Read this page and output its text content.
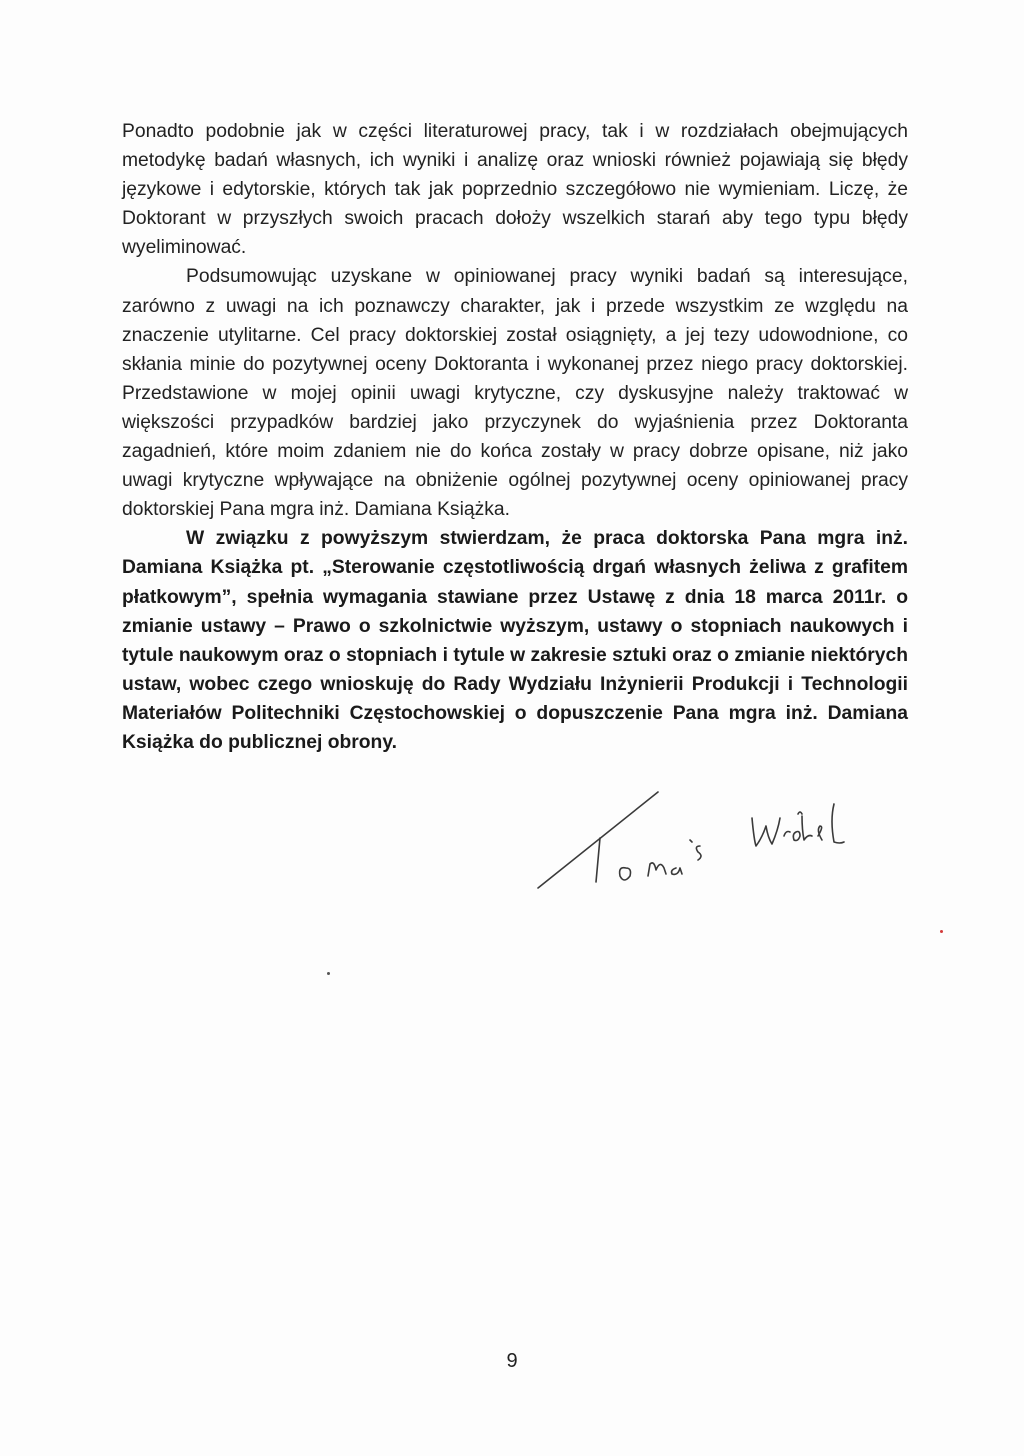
Ponadto podobnie jak w części literaturowej pracy, tak i w rozdziałach obejmujących metodykę badań własnych, ich wyniki i analizę oraz wnioski również pojawiają się błędy językowe i edytorskie, których tak jak poprzednio szczegółowo nie wymieniam. Liczę, że Doktorant w przyszłych swoich pracach dołoży wszelkich starań aby tego typu błędy wyeliminować.

Podsumowując uzyskane w opiniowanej pracy wyniki badań są interesujące, zarówno z uwagi na ich poznawczy charakter, jak i przede wszystkim ze względu na znaczenie utylitarne. Cel pracy doktorskiej został osiągnięty, a jej tezy udowodnione, co skłania minie do pozytywnej oceny Doktoranta i wykonanej przez niego pracy doktorskiej. Przedstawione w mojej opinii uwagi krytyczne, czy dyskusyjne należy traktować w większości przypadków bardziej jako przyczynek do wyjaśnienia przez Doktoranta zagadnień, które moim zdaniem nie do końca zostały w pracy dobrze opisane, niż jako uwagi krytyczne wpływające na obniżenie ogólnej pozytywnej oceny opiniowanej pracy doktorskiej Pana mgra inż. Damiana Książka.

W związku z powyższym stwierdzam, że praca doktorska Pana mgra inż. Damiana Książka pt. „Sterowanie częstotliwością drgań własnych żeliwa z grafitem płatkowym”, spełnia wymagania stawiane przez Ustawę z dnia 18 marca 2011r. o zmianie ustawy – Prawo o szkolnictwie wyższym, ustawy o stopniach naukowych i tytule naukowym oraz o stopniach i tytule w zakresie sztuki oraz o zmianie niektórych ustaw, wobec czego wnioskuję do Rady Wydziału Inżynierii Produkcji i Technologii Materiałów Politechniki Częstochowskiej o dopuszczenie Pana mgra inż. Damiana Książka do publicznej obrony.

9
